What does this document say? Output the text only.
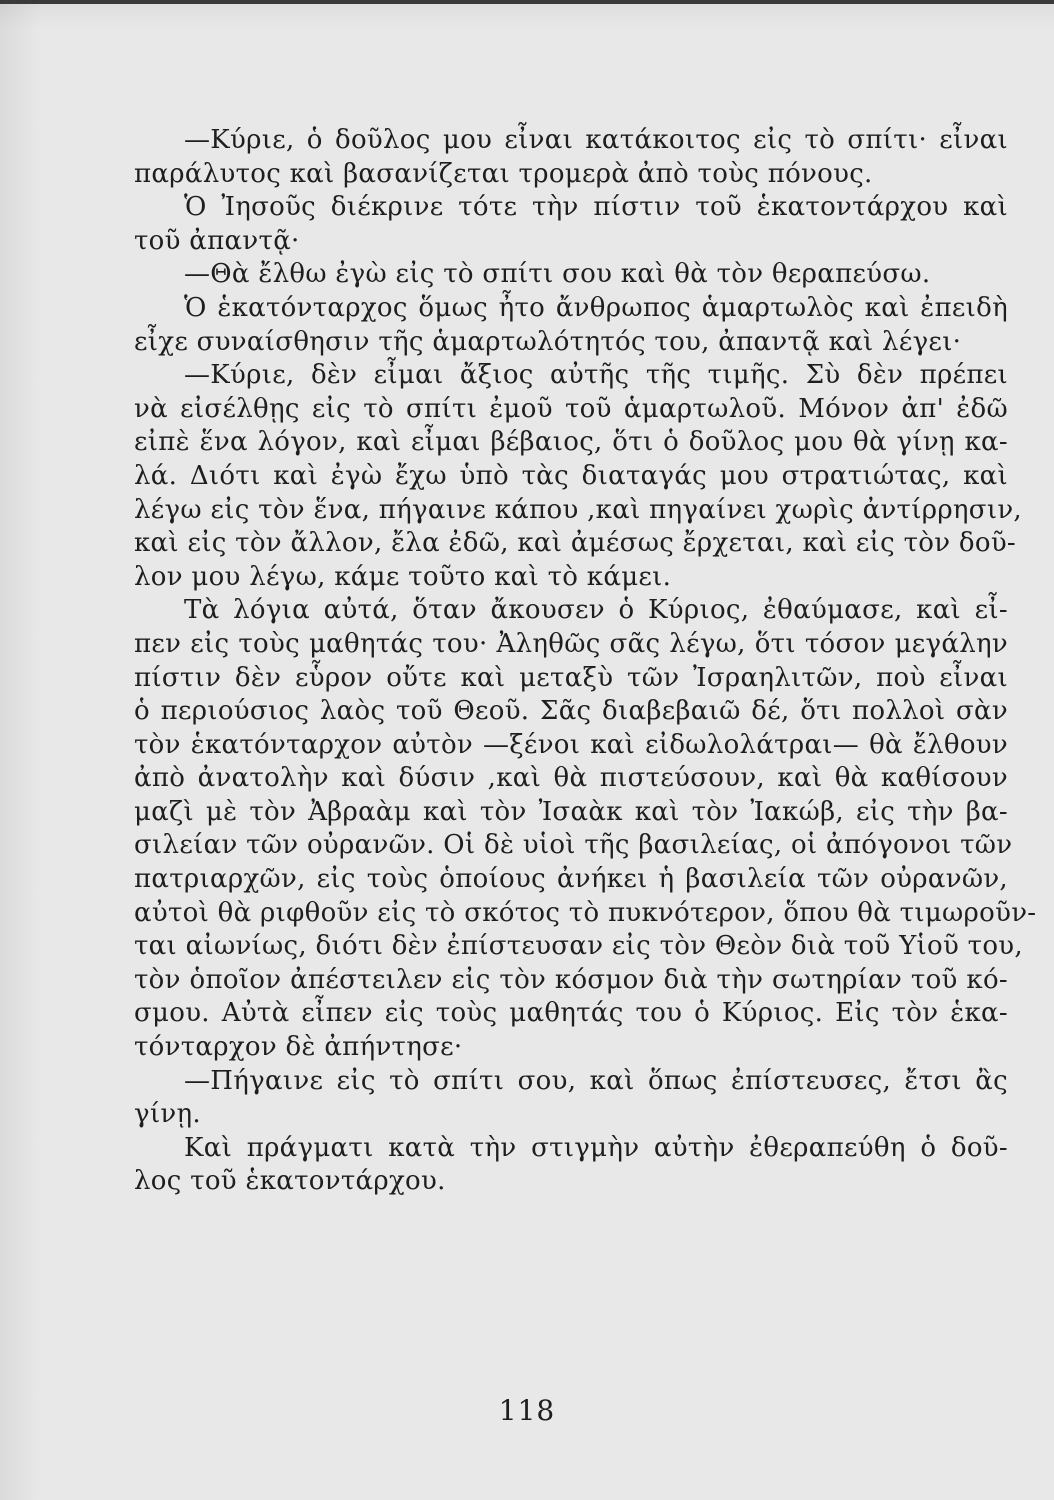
—Κύριε, ὁ δοῦλος μου εἶναι κατάκοιτος εἰς τὸ σπίτι· εἶναι
παράλυτος καὶ βασανίζεται τρομερὰ ἀπὸ τοὺς πόνους.
Ὁ Ἰησοῦς διέκρινε τότε τὴν πίστιν τοῦ ἑκατοντάρχου καὶ
τοῦ ἀπαντᾷ·
—Θὰ ἔλθω ἐγὼ εἰς τὸ σπίτι σου καὶ θὰ τὸν θεραπεύσω.
Ὁ ἑκατόνταρχος ὅμως ἦτο ἄνθρωπος ἁμαρτωλὸς καὶ ἐπειδὴ
εἶχε συναίσθησιν τῆς ἁμαρτωλότητός του, ἀπαντᾷ καὶ λέγει·
—Κύριε, δὲν εἶμαι ἄξιος αὐτῆς τῆς τιμῆς. Σὺ δὲν πρέπει
νὰ εἰσέλθῃς εἰς τὸ σπίτι ἐμοῦ τοῦ ἁμαρτωλοῦ. Μόνον ἀπ' ἐδῶ
εἰπὲ ἕνα λόγον, καὶ εἶμαι βέβαιος, ὅτι ὁ δοῦλος μου θὰ γίνῃ κα-
λά. Διότι καὶ ἐγὼ ἔχω ὑπὸ τὰς διαταγάς μου στρατιώτας, καὶ
λέγω εἰς τὸν ἕνα, πήγαινε κάπου ,καὶ πηγαίνει χωρὶς ἀντίρρησιν,
καὶ εἰς τὸν ἄλλον, ἔλα ἐδῶ, καὶ ἀμέσως ἔρχεται, καὶ εἰς τὸν δοῦ-
λον μου λέγω, κάμε τοῦτο καὶ τὸ κάμει.
Τὰ λόγια αὐτά, ὅταν ἄκουσεν ὁ Κύριος, ἐθαύμασε, καὶ εἶ-
πεν εἰς τοὺς μαθητάς του· Ἀληθῶς σᾶς λέγω, ὅτι τόσον μεγάλην
πίστιν δὲν εὗρον οὔτε καὶ μεταξὺ τῶν Ἰσραηλιτῶν, ποὺ εἶναι
ὁ περιούσιος λαὸς τοῦ Θεοῦ. Σᾶς διαβεβαιῶ δέ, ὅτι πολλοὶ σὰν
τὸν ἑκατόνταρχον αὐτὸν —ξένοι καὶ εἰδωλολάτραι— θὰ ἔλθουν
ἀπὸ ἀνατολὴν καὶ δύσιν ,καὶ θὰ πιστεύσουν, καὶ θὰ καθίσουν
μαζὶ μὲ τὸν Ἀβραὰμ καὶ τὸν Ἰσαὰκ καὶ τὸν Ἰακώβ, εἰς τὴν βα-
σιλείαν τῶν οὐρανῶν. Οἱ δὲ υἱοὶ τῆς βασιλείας, οἱ ἀπόγονοι τῶν
πατριαρχῶν, εἰς τοὺς ὁποίους ἀνήκει ἡ βασιλεία τῶν οὐρανῶν,
αὐτοὶ θὰ ριφθοῦν εἰς τὸ σκότος τὸ πυκνότερον, ὅπου θὰ τιμωροῦν-
ται αἰωνίως, διότι δὲν ἐπίστευσαν εἰς τὸν Θεὸν διὰ τοῦ Υἱοῦ του,
τὸν ὁποῖον ἀπέστειλεν εἰς τὸν κόσμον διὰ τὴν σωτηρίαν τοῦ κό-
σμου. Αὐτὰ εἶπεν εἰς τοὺς μαθητάς του ὁ Κύριος. Εἰς τὸν ἑκα-
τόνταρχον δὲ ἀπήντησε·
—Πήγαινε εἰς τὸ σπίτι σου, καὶ ὅπως ἐπίστευσες, ἔτσι ἂς
γίνῃ.
Καὶ πράγματι κατὰ τὴν στιγμὴν αὐτὴν ἐθεραπεύθη ὁ δοῦ-
λος τοῦ ἑκατοντάρχου.
118
